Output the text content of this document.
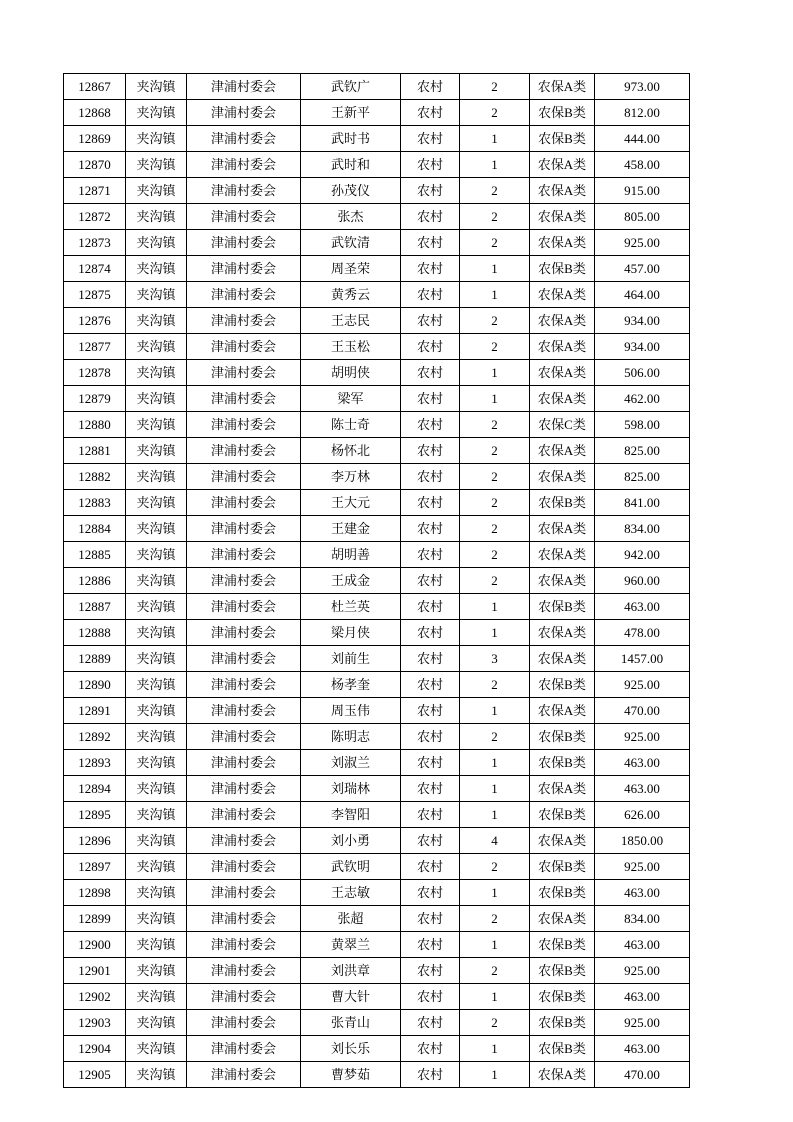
12867	夹沟镇	津浦村委会	武钦广	农村	2	农保A类	973.00
12868	夹沟镇	津浦村委会	王新平	农村	2	农保B类	812.00
12869	夹沟镇	津浦村委会	武时书	农村	1	农保B类	444.00
12870	夹沟镇	津浦村委会	武时和	农村	1	农保A类	458.00
12871	夹沟镇	津浦村委会	孙茂仪	农村	2	农保A类	915.00
12872	夹沟镇	津浦村委会	张杰	农村	2	农保A类	805.00
12873	夹沟镇	津浦村委会	武钦清	农村	2	农保A类	925.00
12874	夹沟镇	津浦村委会	周圣荣	农村	1	农保B类	457.00
12875	夹沟镇	津浦村委会	黄秀云	农村	1	农保A类	464.00
12876	夹沟镇	津浦村委会	王志民	农村	2	农保A类	934.00
12877	夹沟镇	津浦村委会	王玉松	农村	2	农保A类	934.00
12878	夹沟镇	津浦村委会	胡明侠	农村	1	农保A类	506.00
12879	夹沟镇	津浦村委会	梁军	农村	1	农保A类	462.00
12880	夹沟镇	津浦村委会	陈士奇	农村	2	农保C类	598.00
12881	夹沟镇	津浦村委会	杨怀北	农村	2	农保A类	825.00
12882	夹沟镇	津浦村委会	李万林	农村	2	农保A类	825.00
12883	夹沟镇	津浦村委会	王大元	农村	2	农保B类	841.00
12884	夹沟镇	津浦村委会	王建金	农村	2	农保A类	834.00
12885	夹沟镇	津浦村委会	胡明善	农村	2	农保A类	942.00
12886	夹沟镇	津浦村委会	王成金	农村	2	农保A类	960.00
12887	夹沟镇	津浦村委会	杜兰英	农村	1	农保B类	463.00
12888	夹沟镇	津浦村委会	梁月侠	农村	1	农保A类	478.00
12889	夹沟镇	津浦村委会	刘前生	农村	3	农保A类	1457.00
12890	夹沟镇	津浦村委会	杨孝奎	农村	2	农保B类	925.00
12891	夹沟镇	津浦村委会	周玉伟	农村	1	农保A类	470.00
12892	夹沟镇	津浦村委会	陈明志	农村	2	农保B类	925.00
12893	夹沟镇	津浦村委会	刘淑兰	农村	1	农保B类	463.00
12894	夹沟镇	津浦村委会	刘瑞林	农村	1	农保A类	463.00
12895	夹沟镇	津浦村委会	李智阳	农村	1	农保B类	626.00
12896	夹沟镇	津浦村委会	刘小勇	农村	4	农保A类	1850.00
12897	夹沟镇	津浦村委会	武钦明	农村	2	农保B类	925.00
12898	夹沟镇	津浦村委会	王志敏	农村	1	农保B类	463.00
12899	夹沟镇	津浦村委会	张超	农村	2	农保A类	834.00
12900	夹沟镇	津浦村委会	黄翠兰	农村	1	农保B类	463.00
12901	夹沟镇	津浦村委会	刘洪章	农村	2	农保B类	925.00
12902	夹沟镇	津浦村委会	曹大针	农村	1	农保B类	463.00
12903	夹沟镇	津浦村委会	张青山	农村	2	农保B类	925.00
12904	夹沟镇	津浦村委会	刘长乐	农村	1	农保B类	463.00
12905	夹沟镇	津浦村委会	曹梦茹	农村	1	农保A类	470.00
